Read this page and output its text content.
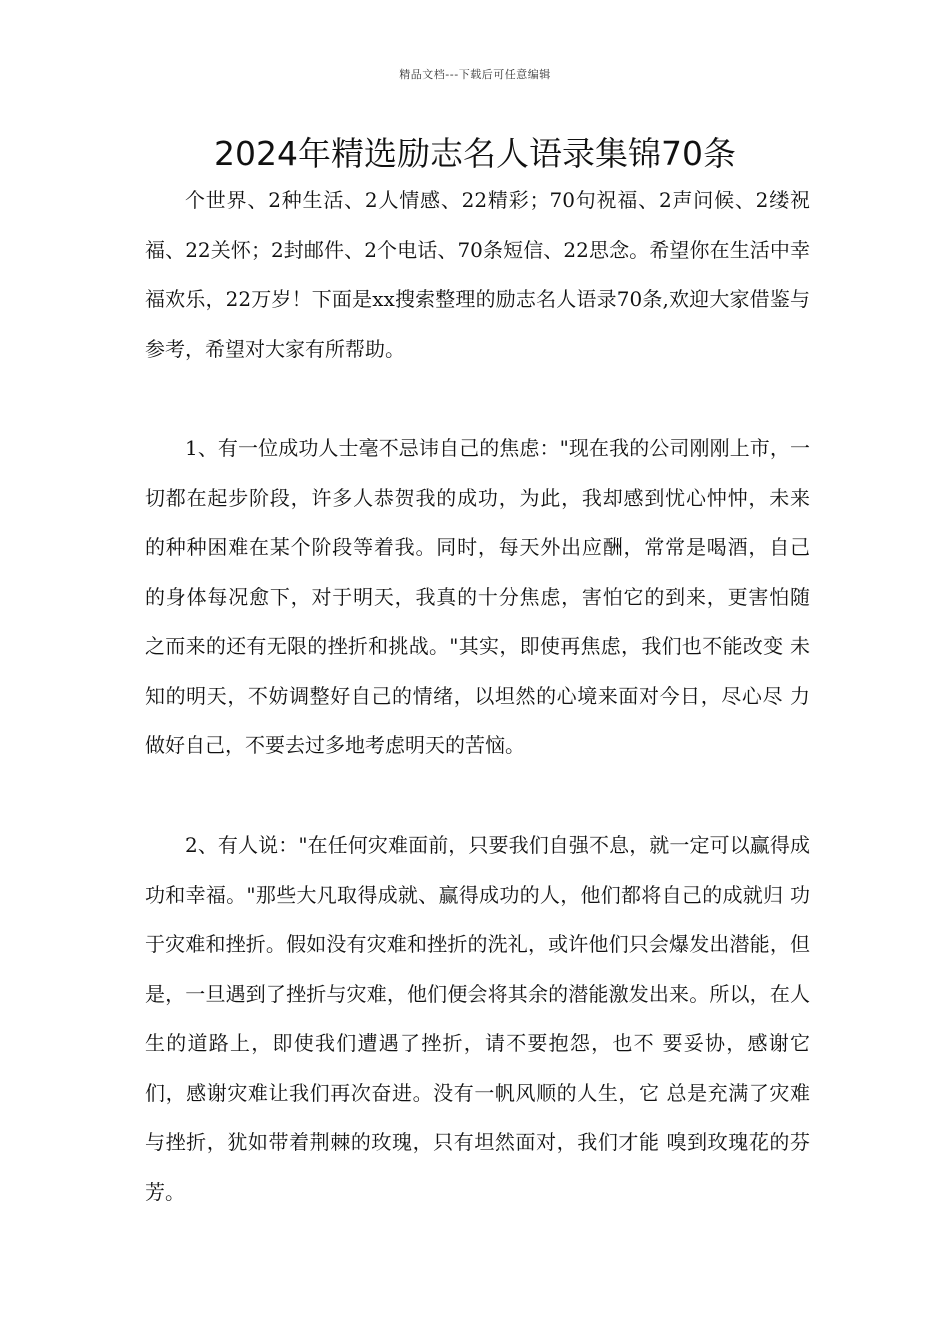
精品文档---下载后可任意编辑
2024年精选励志名人语录集锦70条

个世界、2种生活、2人情感、22精彩；70句祝福、2声问候、2缕祝福、22关怀；2封邮件、2个电话、70条短信、22思念。希望你在生活中幸福欢乐，22万岁！下面是xx搜索整理的励志名人语录70条,欢迎大家借鉴与参考，希望对大家有所帮助。

1、有一位成功人士毫不忌讳自己的焦虑："现在我的公司刚刚上市，一 切都在起步阶段，许多人恭贺我的成功，为此，我却感到忧心忡忡，未来 的种种困难在某个阶段等着我。同时，每天外出应酬，常常是喝酒，自己 的身体每况愈下，对于明天，我真的十分焦虑，害怕它的到来，更害怕随 之而来的还有无限的挫折和挑战。"其实，即使再焦虑，我们也不能改变 未知的明天，不妨调整好自己的情绪，以坦然的心境来面对今日，尽心尽 力做好自己，不要去过多地考虑明天的苦恼。

2、有人说："在任何灾难面前，只要我们自强不息，就一定可以赢得成 功和幸福。"那些大凡取得成就、赢得成功的人，他们都将自己的成就归 功于灾难和挫折。假如没有灾难和挫折的洗礼，或许他们只会爆发出潜能，但是，一旦遇到了挫折与灾难，他们便会将其余的潜能激发出来。所以，在人生的道路上，即使我们遭遇了挫折，请不要抱怨，也不 要妥协，感谢它们，感谢灾难让我们再次奋进。没有一帆风顺的人生，它 总是充满了灾难与挫折，犹如带着荆棘的玫瑰，只有坦然面对，我们才能 嗅到玫瑰花的芬芳。
